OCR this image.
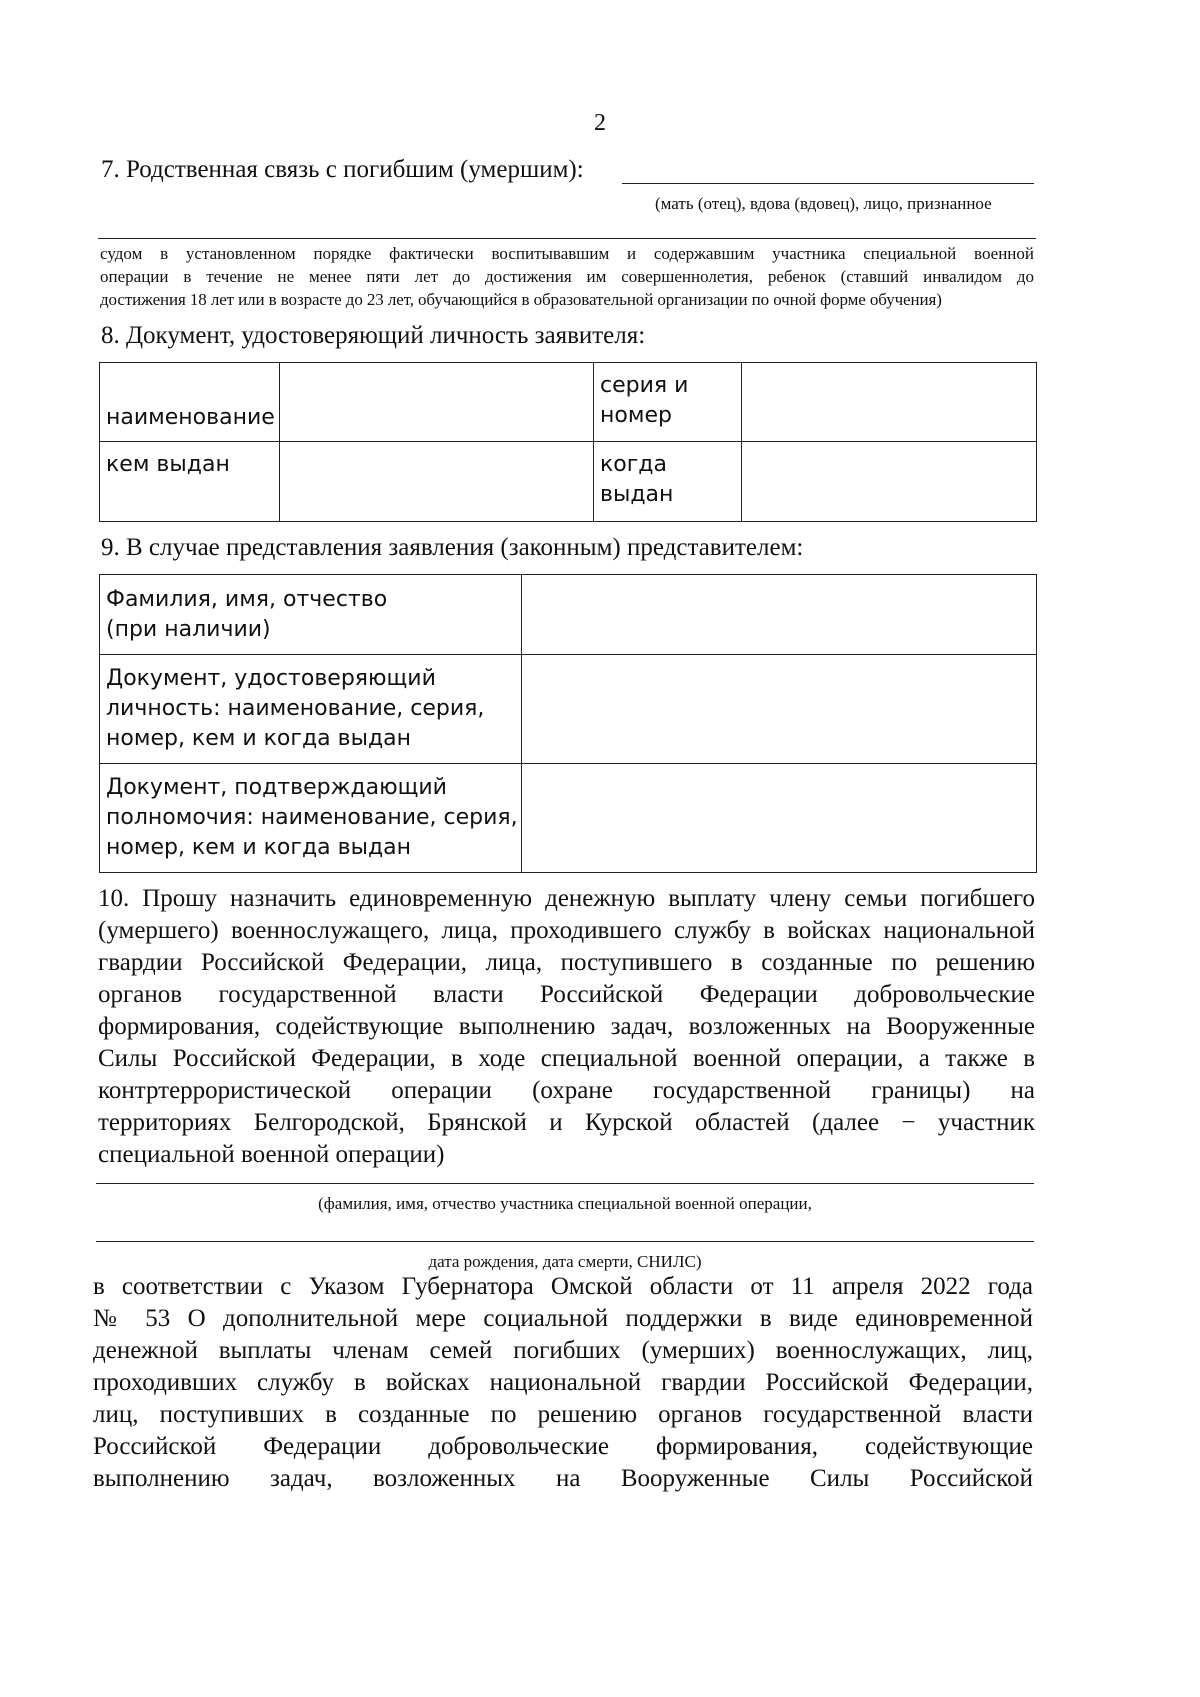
2
7. Родственная связь с погибшим (умершим):
(мать (отец), вдова (вдовец), лицо, признанное
судом в установленном порядке фактически воспитывавшим и содержавшим участника специальной военной
операции в течение не менее пяти лет до достижения им совершеннолетия, ребенок (ставший инвалидом до
достижения 18 лет или в возрасте до 23 лет, обучающийся в образовательной организации по очной форме обучения)
8. Документ, удостоверяющий личность заявителя:
наименование		серия и
номер	

кем выдан		когда
выдан	

9. В случае представления заявления (законным) представителем:
Фамилия, имя, отчество
(при наличии)	

Документ, удостоверяющий
личность: наименование, серия,
номер, кем и когда выдан	

Документ, подтверждающий
полномочия: наименование, серия,
номер, кем и когда выдан	

10. Прошу назначить единовременную денежную выплату члену семьи погибшего
(умершего) военнослужащего, лица, проходившего службу в войсках национальной
гвардии Российской Федерации, лица, поступившего в созданные по решению
органов государственной власти Российской Федерации добровольческие
формирования, содействующие выполнению задач, возложенных на Вооруженные
Силы Российской Федерации, в ходе специальной военной операции, а также в
контртеррористической операции (охране государственной границы) на
территориях Белгородской, Брянской и Курской областей (далее − участник
специальной военной операции)
(фамилия, имя, отчество участника специальной военной операции,
дата рождения, дата смерти, СНИЛС)
в соответствии с Указом Губернатора Омской области от 11 апреля 2022 года
№ 53 О дополнительной мере социальной поддержки в виде единовременной
денежной выплаты членам семей погибших (умерших) военнослужащих, лиц,
проходивших службу в войсках национальной гвардии Российской Федерации,
лиц, поступивших в созданные по решению органов государственной власти
Российской Федерации добровольческие формирования, содействующие
выполнению задач, возложенных на Вооруженные Силы Российской
